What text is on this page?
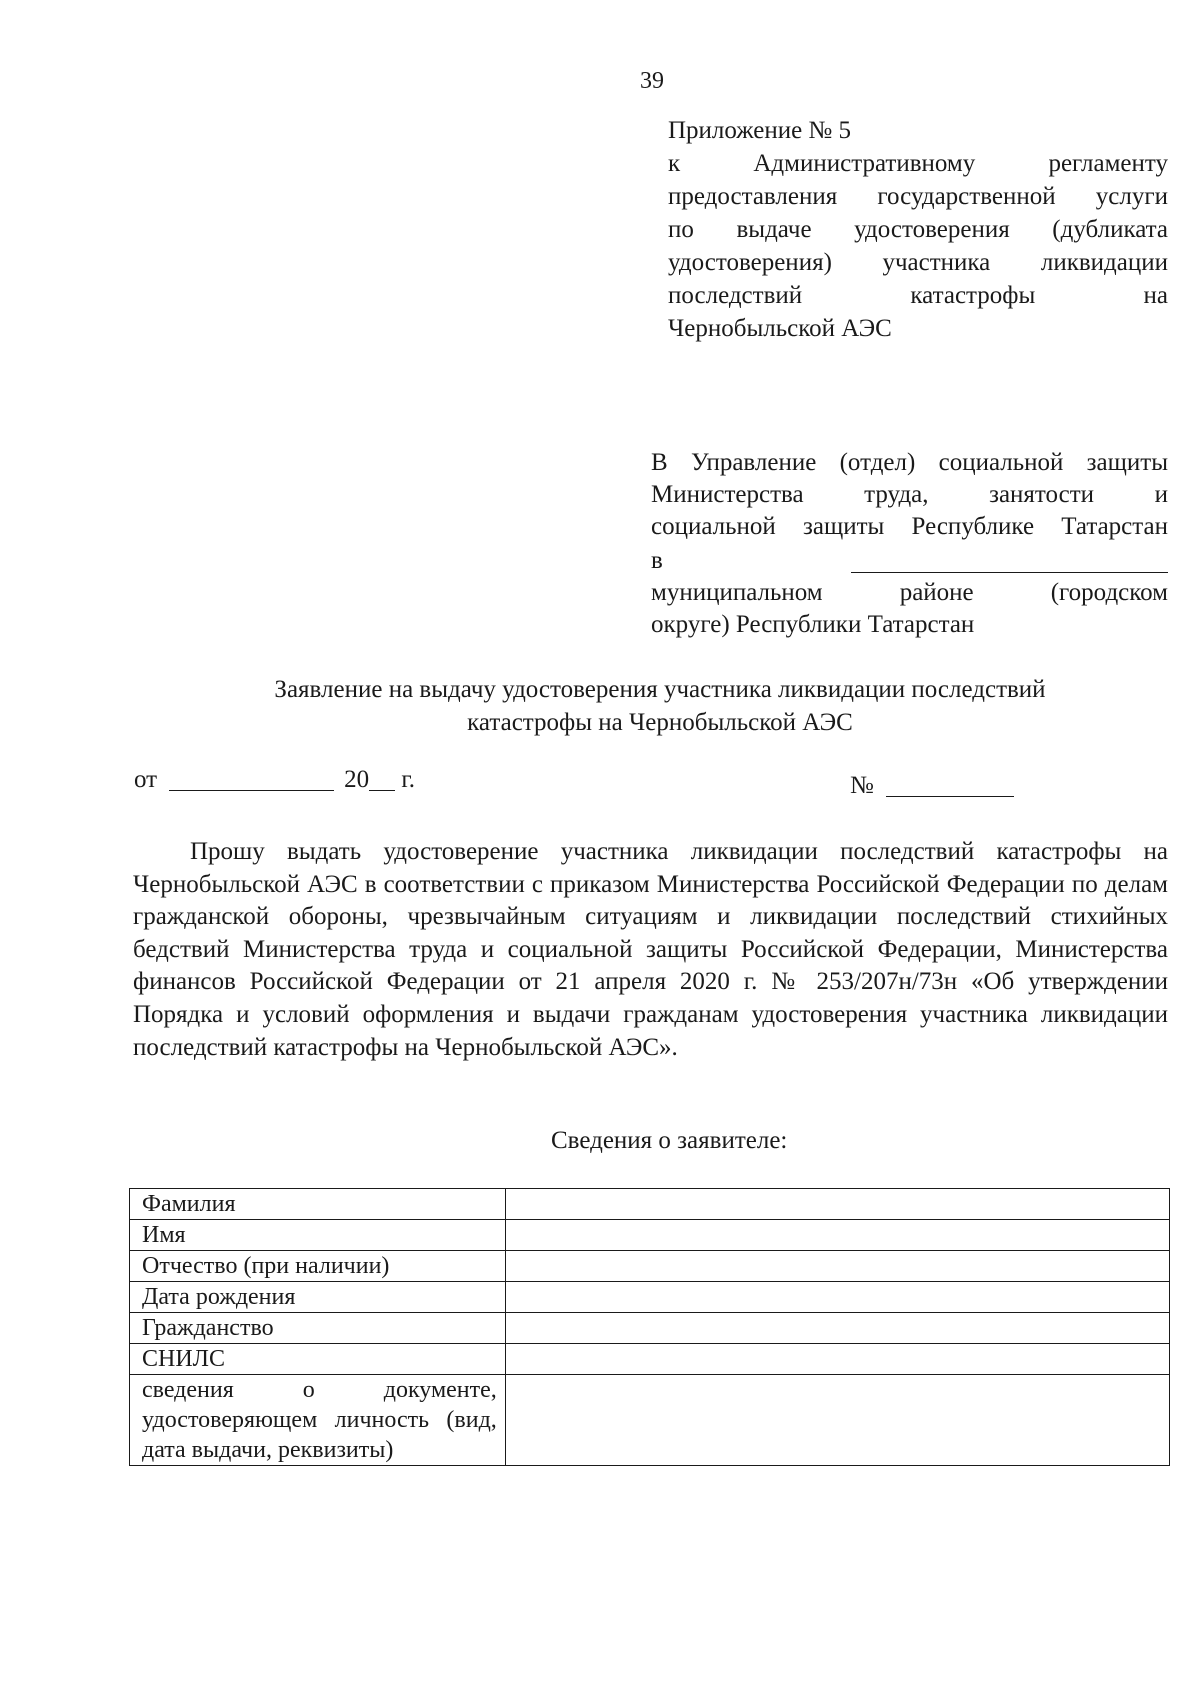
39
Приложение № 5
к Административному регламенту
предоставления государственной услуги
по выдаче удостоверения (дубликата
удостоверения) участника ликвидации
последствий катастрофы на
Чернобыльской АЭС
В Управление (отдел) социальной защиты
Министерства труда, занятости и
социальной защиты Республике Татарстан
в
муниципальном районе (городском
округе) Республики Татарстан
Заявление на выдачу удостоверения участника ликвидации последствий
катастрофы на Чернобыльской АЭС
от	20 г.	№
Прошу выдать удостоверение участника ликвидации последствий катастрофы на Чернобыльской АЭС в соответствии с приказом Министерства Российской Федерации по делам гражданской обороны, чрезвычайным ситуациям и ликвидации последствий стихийных бедствий Министерства труда и социальной защиты Российской Федерации, Министерства финансов Российской Федерации от 21 апреля 2020 г. № 253/207н/73н «Об утверждении Порядка и условий оформления и выдачи гражданам удостоверения участника ликвидации последствий катастрофы на Чернобыльской АЭС».
Сведения о заявителе:
Фамилия	
Имя	
Отчество (при наличии)	
Дата рождения	
Гражданство	
СНИЛС	
сведения о документе, удостоверяющем личность (вид, дата выдачи, реквизиты)	
